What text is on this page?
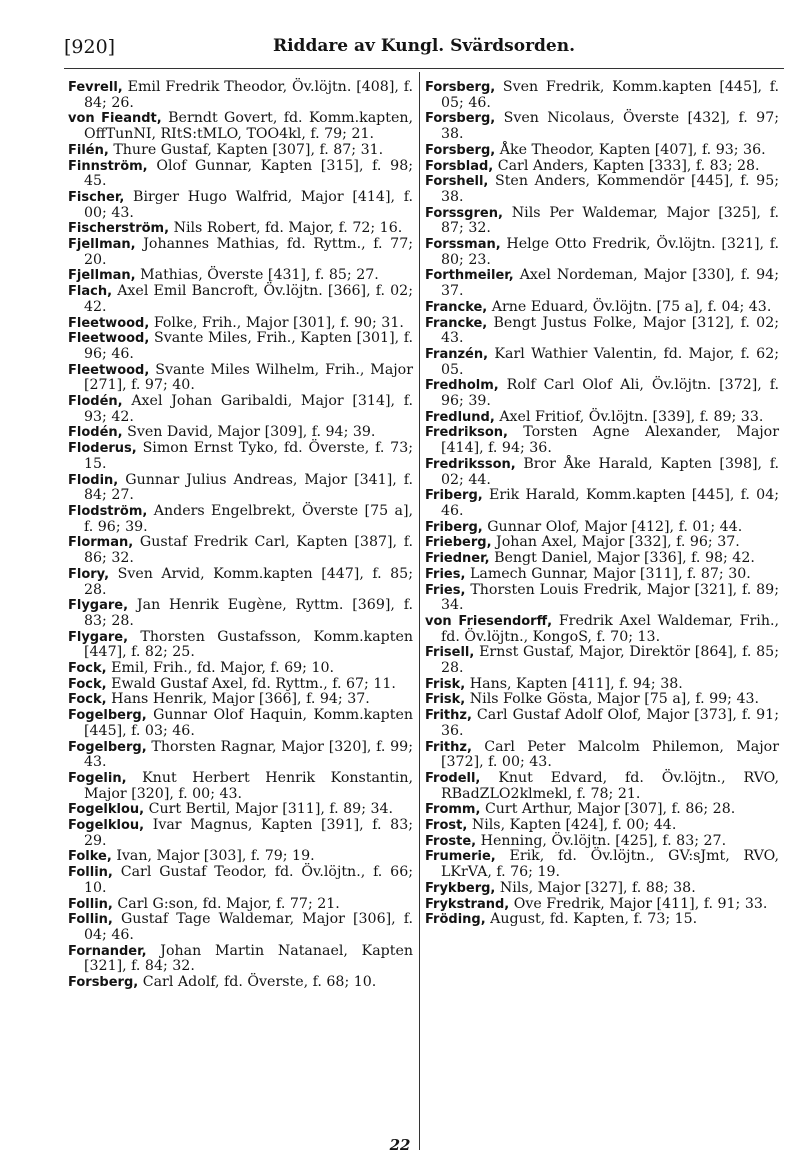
[920]	Riddare av Kungl. Svärdsorden.

Fevrell, Emil Fredrik Theodor, Öv.löjtn. [408], f. 84; 26.

von Fieandt, Berndt Govert, fd. Komm.kapten, OffTunNI, RItS:tMLO, TOO4kl, f. 79; 21.

Filén, Thure Gustaf, Kapten [307], f. 87; 31.

Finnström, Olof Gunnar, Kapten [315], f. 98; 45.

Fischer, Birger Hugo Walfrid, Major [414], f. 00; 43.

Fischerström, Nils Robert, fd. Major, f. 72; 16.

Fjellman, Johannes Mathias, fd. Ryttm., f. 77; 20.

Fjellman, Mathias, Överste [431], f. 85; 27.

Flach, Axel Emil Bancroft, Öv.löjtn. [366], f. 02; 42.

Fleetwood, Folke, Frih., Major [301], f. 90; 31.

Fleetwood, Svante Miles, Frih., Kapten [301], f. 96; 46.

Fleetwood, Svante Miles Wilhelm, Frih., Major [271], f. 97; 40.

Flodén, Axel Johan Garibaldi, Major [314], f. 93; 42.

Flodén, Sven David, Major [309], f. 94; 39.

Floderus, Simon Ernst Tyko, fd. Överste, f. 73; 15.

Flodin, Gunnar Julius Andreas, Major [341], f. 84; 27.

Flodström, Anders Engelbrekt, Överste [75 a], f. 96; 39.

Florman, Gustaf Fredrik Carl, Kapten [387], f. 86; 32.

Flory, Sven Arvid, Komm.kapten [447], f. 85; 28.

Flygare, Jan Henrik Eugène, Ryttm. [369], f. 83; 28.

Flygare, Thorsten Gustafsson, Komm.kapten [447], f. 82; 25.

Fock, Emil, Frih., fd. Major, f. 69; 10.

Fock, Ewald Gustaf Axel, fd. Ryttm., f. 67; 11.

Fock, Hans Henrik, Major [366], f. 94; 37.

Fogelberg, Gunnar Olof Haquin, Komm.kapten [445], f. 03; 46.

Fogelberg, Thorsten Ragnar, Major [320], f. 99; 43.

Fogelin, Knut Herbert Henrik Konstantin, Major [320], f. 00; 43.

Fogelklou, Curt Bertil, Major [311], f. 89; 34.

Fogelklou, Ivar Magnus, Kapten [391], f. 83; 29.

Folke, Ivan, Major [303], f. 79; 19.

Follin, Carl Gustaf Teodor, fd. Öv.löjtn., f. 66; 10.

Follin, Carl G:son, fd. Major, f. 77; 21.

Follin, Gustaf Tage Waldemar, Major [306], f. 04; 46.

Fornander, Johan Martin Natanael, Kapten [321], f. 84; 32.

Forsberg, Carl Adolf, fd. Överste, f. 68; 10.

Forsberg, Sven Fredrik, Komm.kapten [445], f. 05; 46.

Forsberg, Sven Nicolaus, Överste [432], f. 97; 38.

Forsberg, Åke Theodor, Kapten [407], f. 93; 36.

Forsblad, Carl Anders, Kapten [333], f. 83; 28.

Forshell, Sten Anders, Kommendör [445], f. 95; 38.

Forssgren, Nils Per Waldemar, Major [325], f. 87; 32.

Forssman, Helge Otto Fredrik, Öv.löjtn. [321], f. 80; 23.

Forthmeiler, Axel Nordeman, Major [330], f. 94; 37.

Francke, Arne Eduard, Öv.löjtn. [75 a], f. 04; 43.

Francke, Bengt Justus Folke, Major [312], f. 02; 43.

Franzén, Karl Wathier Valentin, fd. Major, f. 62; 05.

Fredholm, Rolf Carl Olof Ali, Öv.löjtn. [372], f. 96; 39.

Fredlund, Axel Fritiof, Öv.löjtn. [339], f. 89; 33.

Fredrikson, Torsten Agne Alexander, Major [414], f. 94; 36.

Fredriksson, Bror Åke Harald, Kapten [398], f. 02; 44.

Friberg, Erik Harald, Komm.kapten [445], f. 04; 46.

Friberg, Gunnar Olof, Major [412], f. 01; 44.

Frieberg, Johan Axel, Major [332], f. 96; 37.

Friedner, Bengt Daniel, Major [336], f. 98; 42.

Fries, Lamech Gunnar, Major [311], f. 87; 30.

Fries, Thorsten Louis Fredrik, Major [321], f. 89; 34.

von Friesendorff, Fredrik Axel Waldemar, Frih., fd. Öv.löjtn., KongoS, f. 70; 13.

Frisell, Ernst Gustaf, Major, Direktör [864], f. 85; 28.

Frisk, Hans, Kapten [411], f. 94; 38.

Frisk, Nils Folke Gösta, Major [75 a], f. 99; 43.

Frithz, Carl Gustaf Adolf Olof, Major [373], f. 91; 36.

Frithz, Carl Peter Malcolm Philemon, Major [372], f. 00; 43.

Frodell, Knut Edvard, fd. Öv.löjtn., RVO, RBadZLO2klmekl, f. 78; 21.

Fromm, Curt Arthur, Major [307], f. 86; 28.

Frost, Nils, Kapten [424], f. 00; 44.

Froste, Henning, Öv.löjtn. [425], f. 83; 27.

Frumerie, Erik, fd. Öv.löjtn., GV:sJmt, RVO, LKrVA, f. 76; 19.

Frykberg, Nils, Major [327], f. 88; 38.

Frykstrand, Ove Fredrik, Major [411], f. 91; 33.

Fröding, August, fd. Kapten, f. 73; 15.

22
